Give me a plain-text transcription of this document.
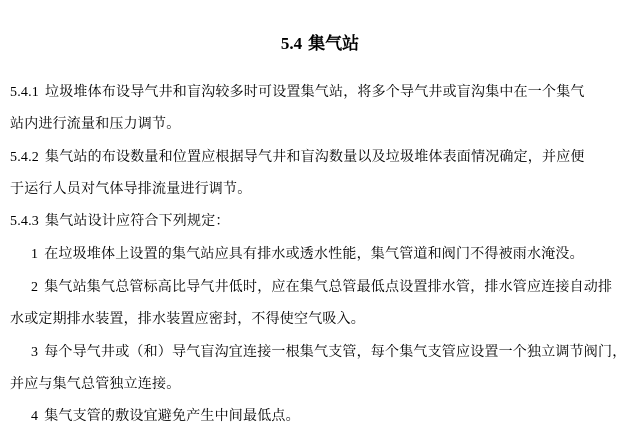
5.4 集气站
5.4.1 垃圾堆体布设导气井和盲沟较多时可设置集气站，将多个导气井或盲沟集中在一个集气
站内进行流量和压力调节。
5.4.2 集气站的布设数量和位置应根据导气井和盲沟数量以及垃圾堆体表面情况确定，并应便
于运行人员对气体导排流量进行调节。
5.4.3 集气站设计应符合下列规定：
1 在垃圾堆体上设置的集气站应具有排水或透水性能，集气管道和阀门不得被雨水淹没。
2 集气站集气总管标高比导气井低时，应在集气总管最低点设置排水管，排水管应连接自动排
水或定期排水装置，排水装置应密封，不得使空气吸入。
3 每个导气井或（和）导气盲沟宜连接一根集气支管，每个集气支管应设置一个独立调节阀门，
并应与集气总管独立连接。
4 集气支管的敷设宜避免产生中间最低点。
